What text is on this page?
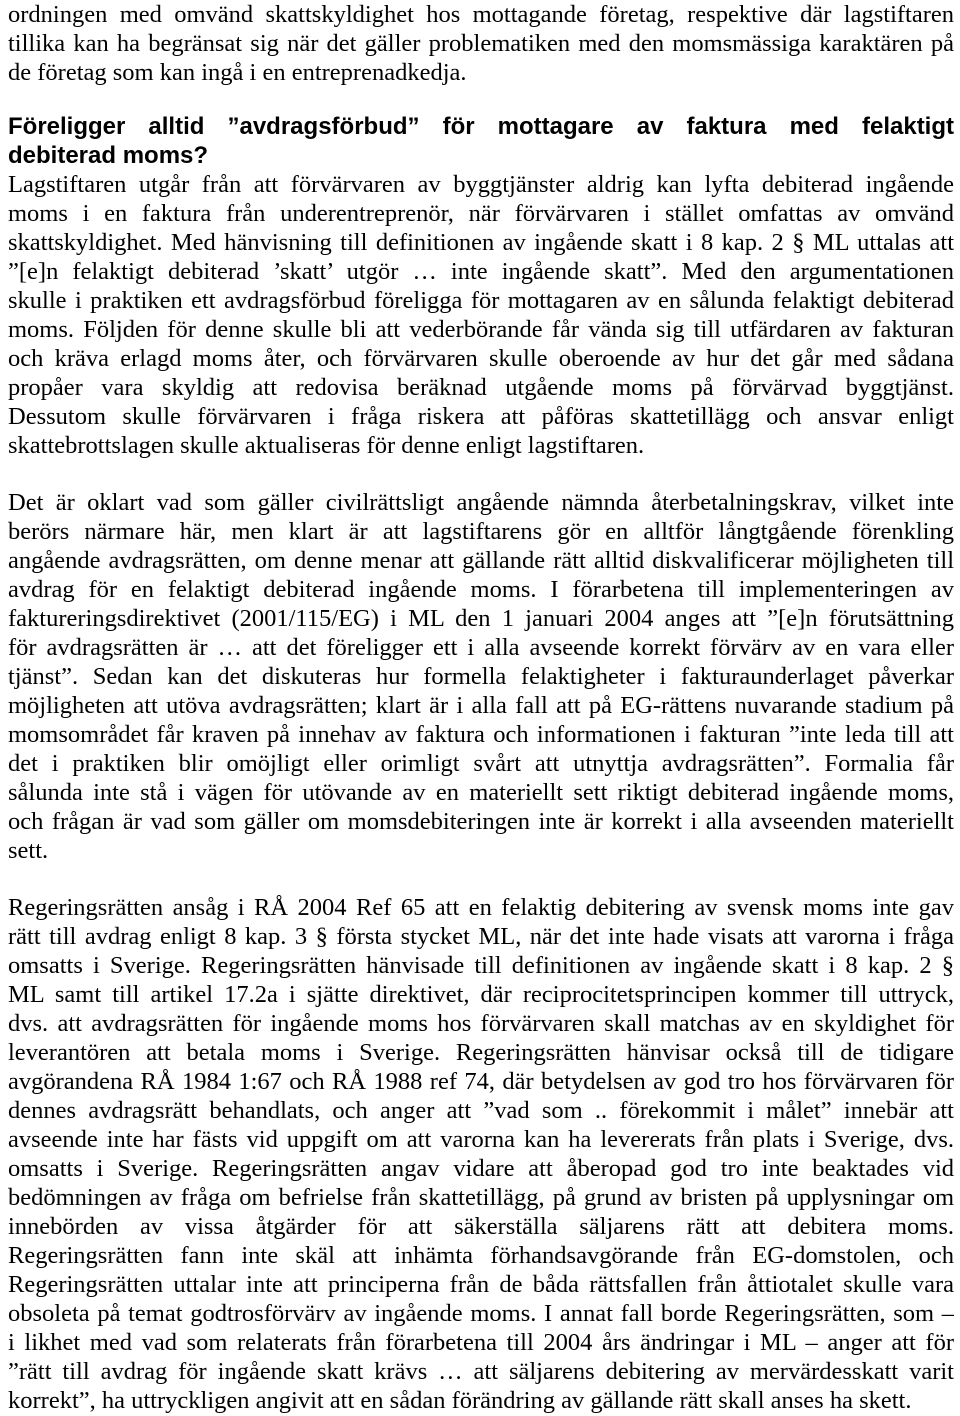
ordningen med omvänd skattskyldighet hos mottagande företag, respektive där lagstiftaren
tillika kan ha begränsat sig när det gäller problematiken med den momsmässiga karaktären på
de företag som kan ingå i en entreprenadkedja.
Föreligger alltid ”avdragsförbud” för mottagare av faktura med felaktigt
debiterad moms?
Lagstiftaren utgår från att förvärvaren av byggtjänster aldrig kan lyfta debiterad ingående
moms i en faktura från underentreprenör, när förvärvaren i stället omfattas av omvänd
skattskyldighet. Med hänvisning till definitionen av ingående skatt i 8 kap. 2 § ML uttalas att
”[e]n felaktigt debiterad ’skatt’ utgör … inte ingående skatt”. Med den argumentationen
skulle i praktiken ett avdragsförbud föreligga för mottagaren av en sålunda felaktigt debiterad
moms. Följden för denne skulle bli att vederbörande får vända sig till utfärdaren av fakturan
och kräva erlagd moms åter, och förvärvaren skulle oberoende av hur det går med sådana
propåer vara skyldig att redovisa beräknad utgående moms på förvärvad byggtjänst.
Dessutom skulle förvärvaren i fråga riskera att påföras skattetillägg och ansvar enligt
skattebrottslagen skulle aktualiseras för denne enligt lagstiftaren.
Det är oklart vad som gäller civilrättsligt angående nämnda återbetalningskrav, vilket inte
berörs närmare här, men klart är att lagstiftarens gör en alltför långtgående förenkling
angående avdragsrätten, om denne menar att gällande rätt alltid diskvalificerar möjligheten till
avdrag för en felaktigt debiterad ingående moms. I förarbetena till implementeringen av
faktureringsdirektivet (2001/115/EG) i ML den 1 januari 2004 anges att ”[e]n förutsättning
för avdragsrätten är … att det föreligger ett i alla avseende korrekt förvärv av en vara eller
tjänst”. Sedan kan det diskuteras hur formella felaktigheter i fakturaunderlaget påverkar
möjligheten att utöva avdragsrätten; klart är i alla fall att på EG-rättens nuvarande stadium på
momsområdet får kraven på innehav av faktura och informationen i fakturan ”inte leda till att
det i praktiken blir omöjligt eller orimligt svårt att utnyttja avdragsrätten”. Formalia får
sålunda inte stå i vägen för utövande av en materiellt sett riktigt debiterad ingående moms,
och frågan är vad som gäller om momsdebiteringen inte är korrekt i alla avseenden materiellt
sett.
Regeringsrätten ansåg i RÅ 2004 Ref 65 att en felaktig debitering av svensk moms inte gav
rätt till avdrag enligt 8 kap. 3 § första stycket ML, när det inte hade visats att varorna i fråga
omsatts i Sverige. Regeringsrätten hänvisade till definitionen av ingående skatt i 8 kap. 2 §
ML samt till artikel 17.2a i sjätte direktivet, där reciprocitetsprincipen kommer till uttryck,
dvs. att avdragsrätten för ingående moms hos förvärvaren skall matchas av en skyldighet för
leverantören att betala moms i Sverige. Regeringsrätten hänvisar också till de tidigare
avgörandena RÅ 1984 1:67 och RÅ 1988 ref 74, där betydelsen av god tro hos förvärvaren för
dennes avdragsrätt behandlats, och anger att ”vad som .. förekommit i målet” innebär att
avseende inte har fästs vid uppgift om att varorna kan ha levererats från plats i Sverige, dvs.
omsatts i Sverige. Regeringsrätten angav vidare att åberopad god tro inte beaktades vid
bedömningen av fråga om befrielse från skattetillägg, på grund av bristen på upplysningar om
innebörden av vissa åtgärder för att säkerställa säljarens rätt att debitera moms.
Regeringsrätten fann inte skäl att inhämta förhandsavgörande från EG-domstolen, och
Regeringsrätten uttalar inte att principerna från de båda rättsfallen från åttiotalet skulle vara
obsoleta på temat godtrosförvärv av ingående moms. I annat fall borde Regeringsrätten, som –
i likhet med vad som relaterats från förarbetena till 2004 års ändringar i ML – anger att för
”rätt till avdrag för ingående skatt krävs … att säljarens debitering av mervärdesskatt varit
korrekt”, ha uttryckligen angivit att en sådan förändring av gällande rätt skall anses ha skett.
